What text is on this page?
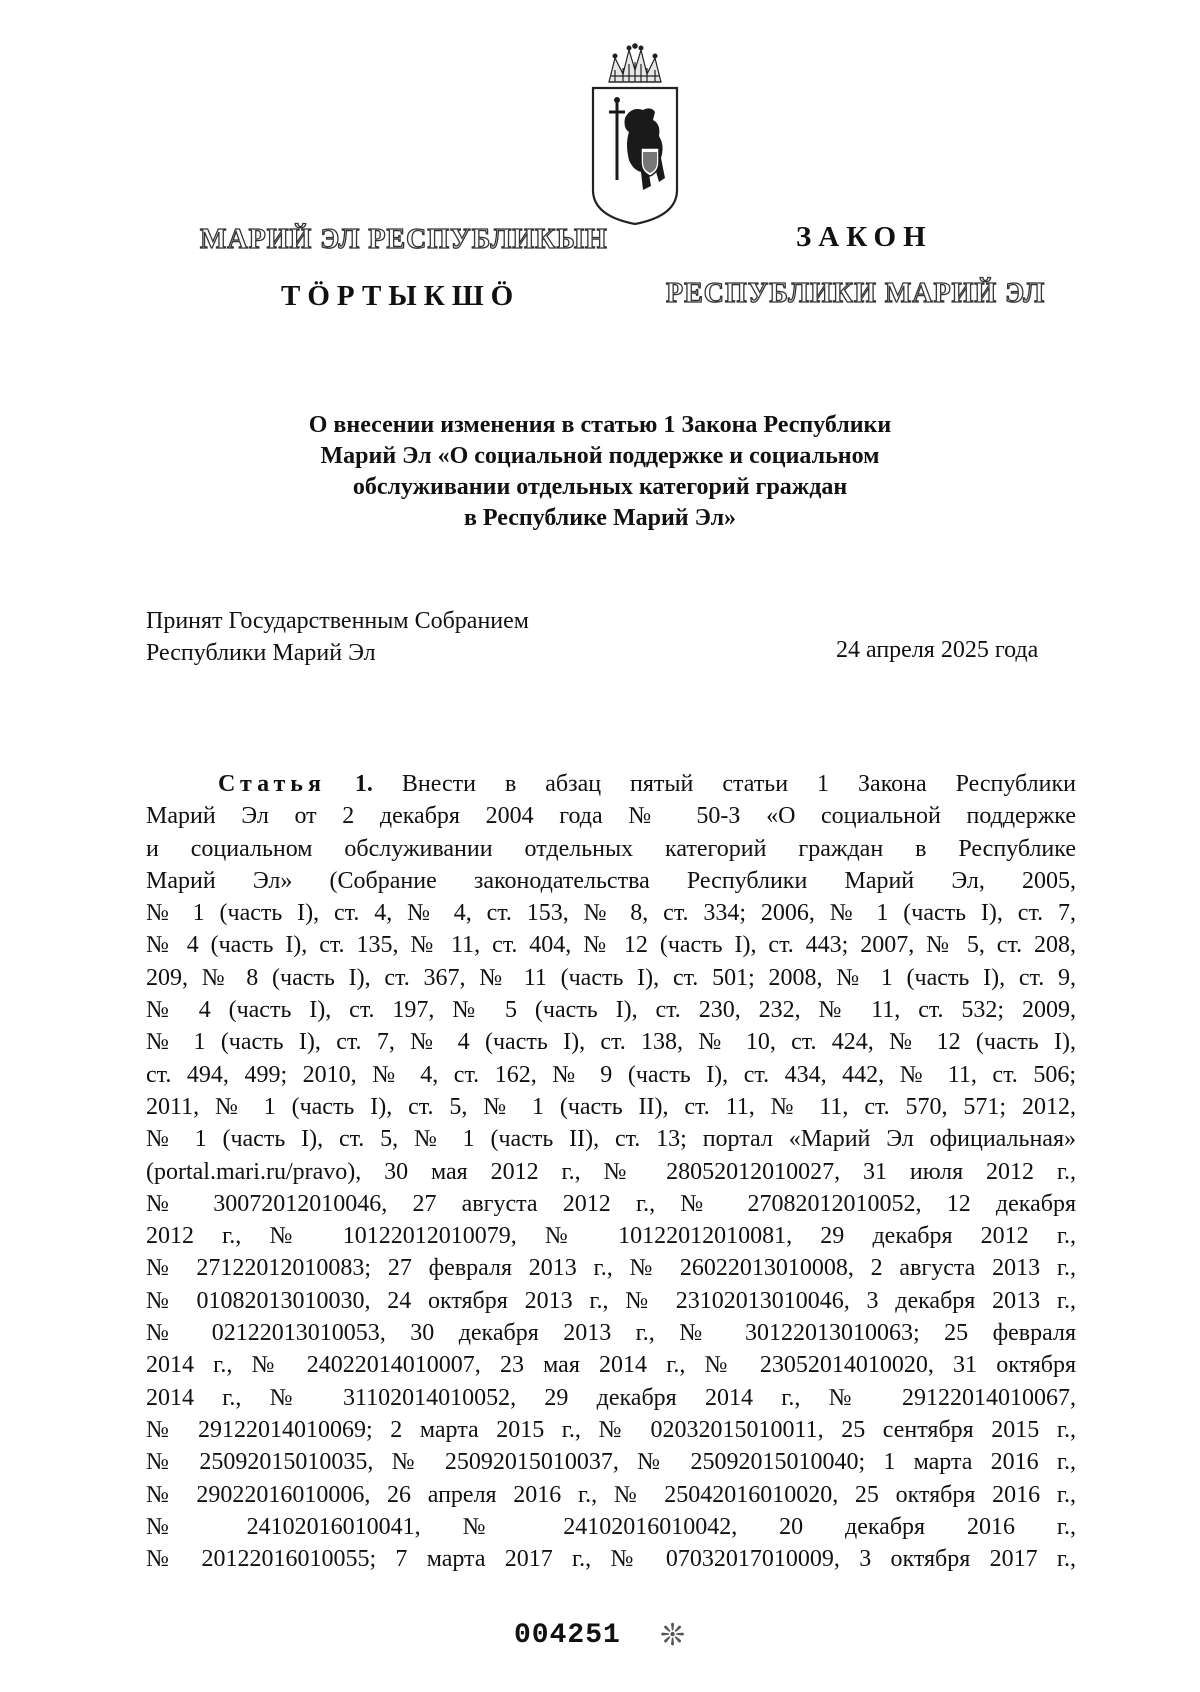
МАРИЙ ЭЛ РЕСПУБЛИКЫН
ТӦРТЫКШӦ
ЗАКОН
РЕСПУБЛИКИ МАРИЙ ЭЛ
О внесении изменения в статью 1 Закона Республики
Марий Эл «О социальной поддержке и социальном
обслуживании отдельных категорий граждан
в Республике Марий Эл»
Принят Государственным Собранием
Республики Марий Эл	24 апреля 2025 года
Статья 1. Внести в абзац пятый статьи 1 Закона Республики
Марий Эл от 2 декабря 2004 года № 50-З «О социальной поддержке
и социальном обслуживании отдельных категорий граждан в Республике
Марий Эл» (Собрание законодательства Республики Марий Эл, 2005,
№ 1 (часть I), ст. 4, № 4, ст. 153, № 8, ст. 334; 2006, № 1 (часть I), ст. 7,
№ 4 (часть I), ст. 135, № 11, ст. 404, № 12 (часть I), ст. 443; 2007, № 5, ст. 208,
209, № 8 (часть I), ст. 367, № 11 (часть I), ст. 501; 2008, № 1 (часть I), ст. 9,
№ 4 (часть I), ст. 197, № 5 (часть I), ст. 230, 232, № 11, ст. 532; 2009,
№ 1 (часть I), ст. 7, № 4 (часть I), ст. 138, № 10, ст. 424, № 12 (часть I),
ст. 494, 499; 2010, № 4, ст. 162, № 9 (часть I), ст. 434, 442, № 11, ст. 506;
2011, № 1 (часть I), ст. 5, № 1 (часть II), ст. 11, № 11, ст. 570, 571; 2012,
№ 1 (часть I), ст. 5, № 1 (часть II), ст. 13; портал «Марий Эл официальная»
(portal.mari.ru/pravo), 30 мая 2012 г., № 28052012010027, 31 июля 2012 г.,
№ 30072012010046, 27 августа 2012 г., № 27082012010052, 12 декабря
2012 г., № 10122012010079, № 10122012010081, 29 декабря 2012 г.,
№ 27122012010083; 27 февраля 2013 г., № 26022013010008, 2 августа 2013 г.,
№ 01082013010030, 24 октября 2013 г., № 23102013010046, 3 декабря 2013 г.,
№ 02122013010053, 30 декабря 2013 г., № 30122013010063; 25 февраля
2014 г., № 24022014010007, 23 мая 2014 г., № 23052014010020, 31 октября
2014 г., № 31102014010052, 29 декабря 2014 г., № 29122014010067,
№ 29122014010069; 2 марта 2015 г., № 02032015010011, 25 сентября 2015 г.,
№ 25092015010035, № 25092015010037, № 25092015010040; 1 марта 2016 г.,
№ 29022016010006, 26 апреля 2016 г., № 25042016010020, 25 октября 2016 г.,
№ 24102016010041, № 24102016010042, 20 декабря 2016 г.,
№ 20122016010055; 7 марта 2017 г., № 07032017010009, 3 октября 2017 г.,
004251 ❊
